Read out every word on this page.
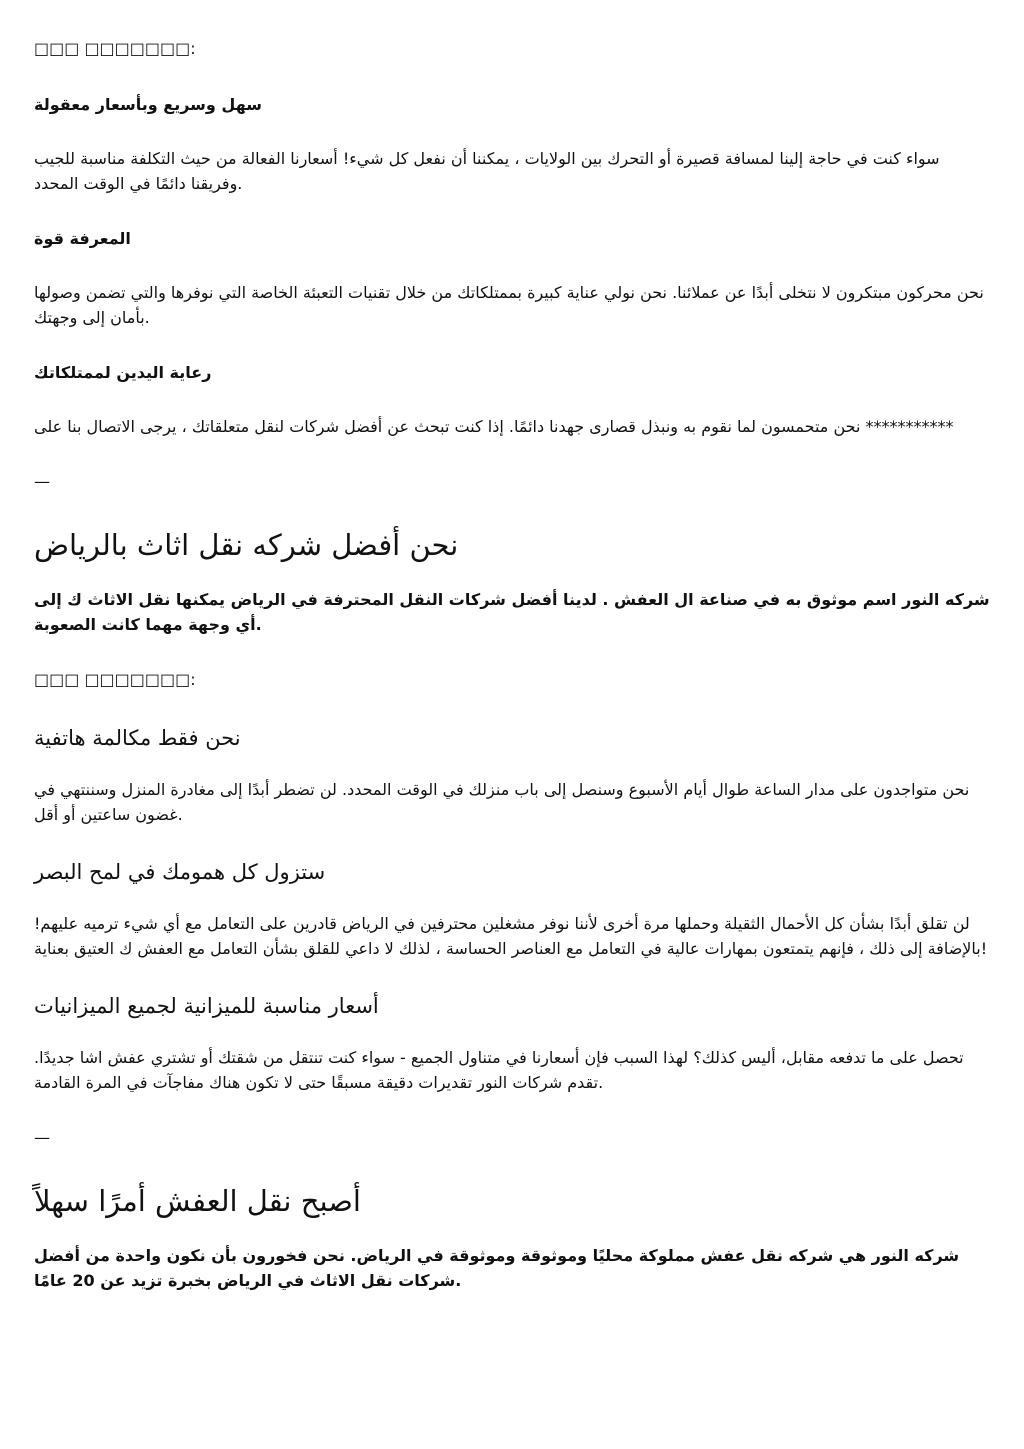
□□□ □□□□□□□:
سهل وسريع وبأسعار معقولة
سواء كنت في حاجة إلينا لمسافة قصيرة أو التحرك بين الولايات ، يمكننا أن نفعل كل شيء! أسعارنا الفعالة من حيث التكلفة مناسبة للجيب وفريقنا دائمًا في الوقت المحدد.
المعرفة قوة
نحن محركون مبتكرون لا نتخلى أبدًا عن عملائنا. نحن نولي عناية كبيرة بممتلكاتك من خلال تقنيات التعبئة الخاصة التي نوفرها والتي تضمن وصولها بأمان إلى وجهتك.
رعاية اليدين لممتلكاتك
نحن متحمسون لما نقوم به ونبذل قصارى جهدنا دائمًا. إذا كنت تبحث عن أفضل شركات لنقل متعلقاتك ، يرجى الاتصال بنا على ***********
—
نحن أفضل شركه نقل اثاث بالرياض
شركه النور اسم موثوق به في صناعة ال العفش . لدينا أفضل شركات النقل المحترفة في الرياض يمكنها نقل الاثاث ك إلى أي وجهة مهما كانت الصعوبة.
□□□ □□□□□□□:
نحن فقط مكالمة هاتفية
نحن متواجدون على مدار الساعة طوال أيام الأسبوع وسنصل إلى باب منزلك في الوقت المحدد. لن تضطر أبدًا إلى مغادرة المنزل وسننتهي في غضون ساعتين أو أقل.
ستزول كل همومك في لمح البصر
لن تقلق أبدًا بشأن كل الأحمال الثقيلة وحملها مرة أخرى لأننا نوفر مشغلين محترفين في الرياض قادرين على التعامل مع أي شيء ترميه عليهم! بالإضافة إلى ذلك ، فإنهم يتمتعون بمهارات عالية في التعامل مع العناصر الحساسة ، لذلك لا داعي للقلق بشأن التعامل مع العفش ك العتيق بعناية!
أسعار مناسبة للميزانية لجميع الميزانيات
تحصل على ما تدفعه مقابل، أليس كذلك؟ لهذا السبب فإن أسعارنا في متناول الجميع - سواء كنت تنتقل من شقتك أو تشتري عفش اشا جديدًا. تقدم شركات النور تقديرات دقيقة مسبقًا حتى لا تكون هناك مفاجآت في المرة القادمة.
—
أصبح نقل العفش أمرًا سهلاً
شركه النور هي شركه نقل عفش مملوكة محليًا وموثوقة وموثوقة في الرياض. نحن فخورون بأن نكون واحدة من أفضل شركات نقل الاثاث في الرياض بخبرة تزيد عن 20 عامًا.
